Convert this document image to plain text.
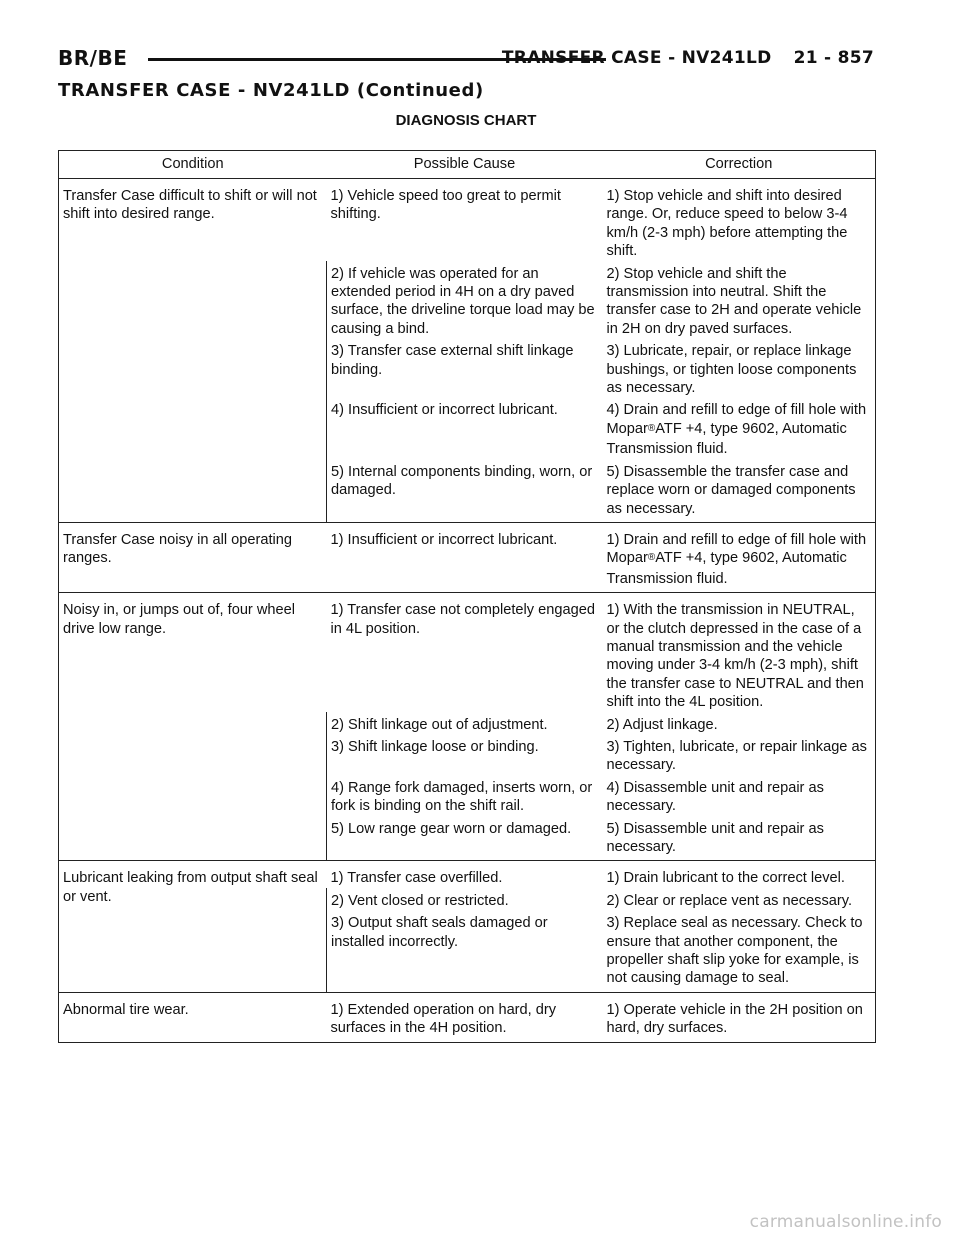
BR/BE	TRANSFER CASE - NV241LD 21 - 857
TRANSFER CASE - NV241LD (Continued)
DIAGNOSIS CHART
Condition	Possible Cause	Correction
Transfer Case difficult to shift or will not shift into desired range.	1) Vehicle speed too great to permit shifting.	1) Stop vehicle and shift into desired range. Or, reduce speed to below 3-4 km/h (2-3 mph) before attempting the shift.
	2) If vehicle was operated for an extended period in 4H on a dry paved surface, the driveline torque load may be causing a bind.	2) Stop vehicle and shift the transmission into neutral. Shift the transfer case to 2H and operate vehicle in 2H on dry paved surfaces.
	3) Transfer case external shift linkage binding.	3) Lubricate, repair, or replace linkage bushings, or tighten loose components as necessary.
	4) Insufficient or incorrect lubricant.	4) Drain and refill to edge of fill hole with Mopar®ATF +4, type 9602, Automatic Transmission fluid.
	5) Internal components binding, worn, or damaged.	5) Disassemble the transfer case and replace worn or damaged components as necessary.
Transfer Case noisy in all operating ranges.	1) Insufficient or incorrect lubricant.	1) Drain and refill to edge of fill hole with Mopar®ATF +4, type 9602, Automatic Transmission fluid.
Noisy in, or jumps out of, four wheel drive low range.	1) Transfer case not completely engaged in 4L position.	1) With the transmission in NEUTRAL, or the clutch depressed in the case of a manual transmission and the vehicle moving under 3-4 km/h (2-3 mph), shift the transfer case to NEUTRAL and then shift into the 4L position.
	2) Shift linkage out of adjustment.	2) Adjust linkage.
	3) Shift linkage loose or binding.	3) Tighten, lubricate, or repair linkage as necessary.
	4) Range fork damaged, inserts worn, or fork is binding on the shift rail.	4) Disassemble unit and repair as necessary.
	5) Low range gear worn or damaged.	5) Disassemble unit and repair as necessary.
Lubricant leaking from output shaft seal or vent.	1) Transfer case overfilled.	1) Drain lubricant to the correct level.
	2) Vent closed or restricted.	2) Clear or replace vent as necessary.
	3) Output shaft seals damaged or installed incorrectly.	3) Replace seal as necessary. Check to ensure that another component, the propeller shaft slip yoke for example, is not causing damage to seal.
Abnormal tire wear.	1) Extended operation on hard, dry surfaces in the 4H position.	1) Operate vehicle in the 2H position on hard, dry surfaces.
carmanualsonline.info
